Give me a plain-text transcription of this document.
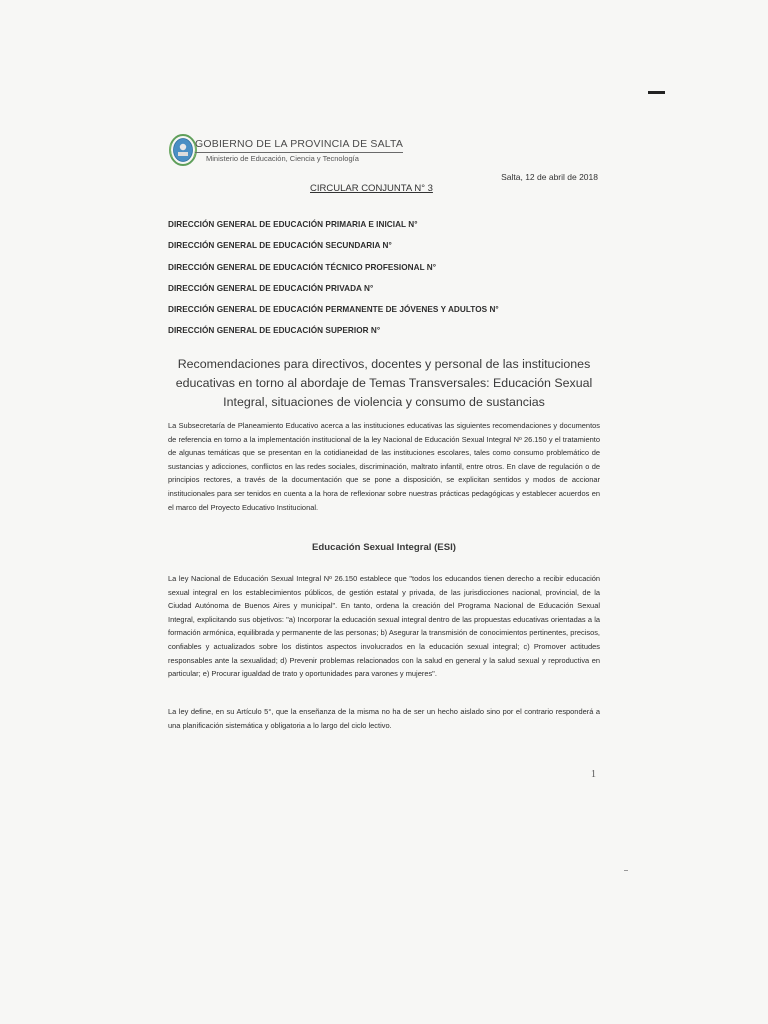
GOBIERNO DE LA PROVINCIA DE SALTA
Ministerio de Educación, Ciencia y Tecnología
Salta, 12 de abril de 2018
CIRCULAR CONJUNTA N° 3
DIRECCIÓN GENERAL DE EDUCACIÓN PRIMARIA E INICIAL N°
DIRECCIÓN GENERAL DE EDUCACIÓN SECUNDARIA N°
DIRECCIÓN GENERAL DE EDUCACIÓN TÉCNICO PROFESIONAL N°
DIRECCIÓN GENERAL DE EDUCACIÓN PRIVADA N°
DIRECCIÓN GENERAL DE EDUCACIÓN PERMANENTE DE JÓVENES Y ADULTOS N°
DIRECCIÓN GENERAL DE EDUCACIÓN SUPERIOR N°
Recomendaciones para directivos, docentes y personal de las instituciones educativas en torno al abordaje de Temas Transversales: Educación Sexual Integral, situaciones de violencia y consumo de sustancias

La Subsecretaría de Planeamiento Educativo acerca a las instituciones educativas las siguientes recomendaciones y documentos de referencia en torno a la implementación institucional de la ley Nacional de Educación Sexual Integral Nº 26.150 y el tratamiento de algunas temáticas que se presentan en la cotidianeidad de las instituciones escolares, tales como consumo problemático de sustancias y adicciones, conflictos en las redes sociales, discriminación, maltrato infantil, entre otros. En clave de regulación o de principios rectores, a través de la documentación que se pone a disposición, se explicitan sentidos y modos de accionar institucionales para ser tenidos en cuenta a la hora de reflexionar sobre nuestras prácticas pedagógicas y establecer acuerdos en el marco del Proyecto Educativo Institucional.

Educación Sexual Integral (ESI)

La ley Nacional de Educación Sexual Integral Nº 26.150 establece que "todos los educandos tienen derecho a recibir educación sexual integral en los establecimientos públicos, de gestión estatal y privada, de las jurisdicciones nacional, provincial, de la Ciudad Autónoma de Buenos Aires y municipal". En tanto, ordena la creación del Programa Nacional de Educación Sexual Integral, explicitando sus objetivos: "a) Incorporar la educación sexual integral dentro de las propuestas educativas orientadas a la formación armónica, equilibrada y permanente de las personas; b) Asegurar la transmisión de conocimientos pertinentes, precisos, confiables y actualizados sobre los distintos aspectos involucrados en la educación sexual integral; c) Promover actitudes responsables ante la sexualidad; d) Prevenir problemas relacionados con la salud en general y la salud sexual y reproductiva en particular; e) Procurar igualdad de trato y oportunidades para varones y mujeres".

La ley define, en su Artículo 5°, que la enseñanza de la misma no ha de ser un hecho aislado sino por el contrario responderá a una planificación sistemática y obligatoria a lo largo del ciclo lectivo.

1
